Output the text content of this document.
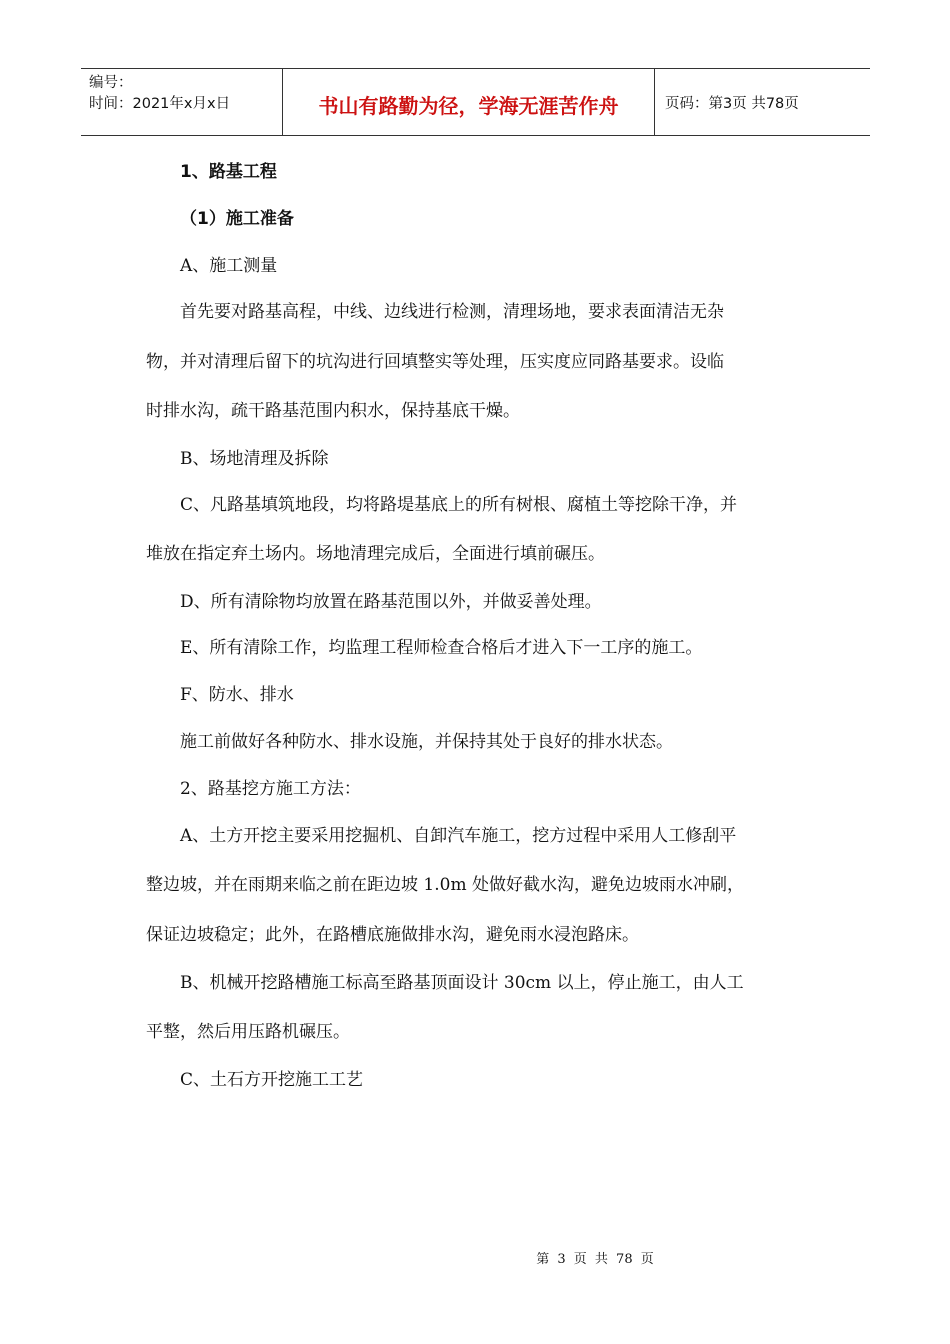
编号：
时间：2021年x月x日	书山有路勤为径，学海无涯苦作舟	页码：第3页 共78页
1、路基工程
（1）施工准备
A、施工测量
首先要对路基高程，中线、边线进行检测，清理场地，要求表面清洁无杂
物，并对清理后留下的坑沟进行回填整实等处理，压实度应同路基要求。设临
时排水沟，疏干路基范围内积水，保持基底干燥。
B、场地清理及拆除
C、凡路基填筑地段，均将路堤基底上的所有树根、腐植土等挖除干净，并
堆放在指定弃土场内。场地清理完成后，全面进行填前碾压。
D、所有清除物均放置在路基范围以外，并做妥善处理。
E、所有清除工作，均监理工程师检查合格后才进入下一工序的施工。
F、防水、排水
施工前做好各种防水、排水设施，并保持其处于良好的排水状态。
2、路基挖方施工方法：
A、土方开挖主要采用挖掘机、自卸汽车施工，挖方过程中采用人工修刮平
整边坡，并在雨期来临之前在距边坡 1.0m 处做好截水沟，避免边坡雨水冲刷，
保证边坡稳定；此外，在路槽底施做排水沟，避免雨水浸泡路床。
B、机械开挖路槽施工标高至路基顶面设计 30cm 以上，停止施工，由人工
平整，然后用压路机碾压。
C、土石方开挖施工工艺
第 3 页 共 78 页
